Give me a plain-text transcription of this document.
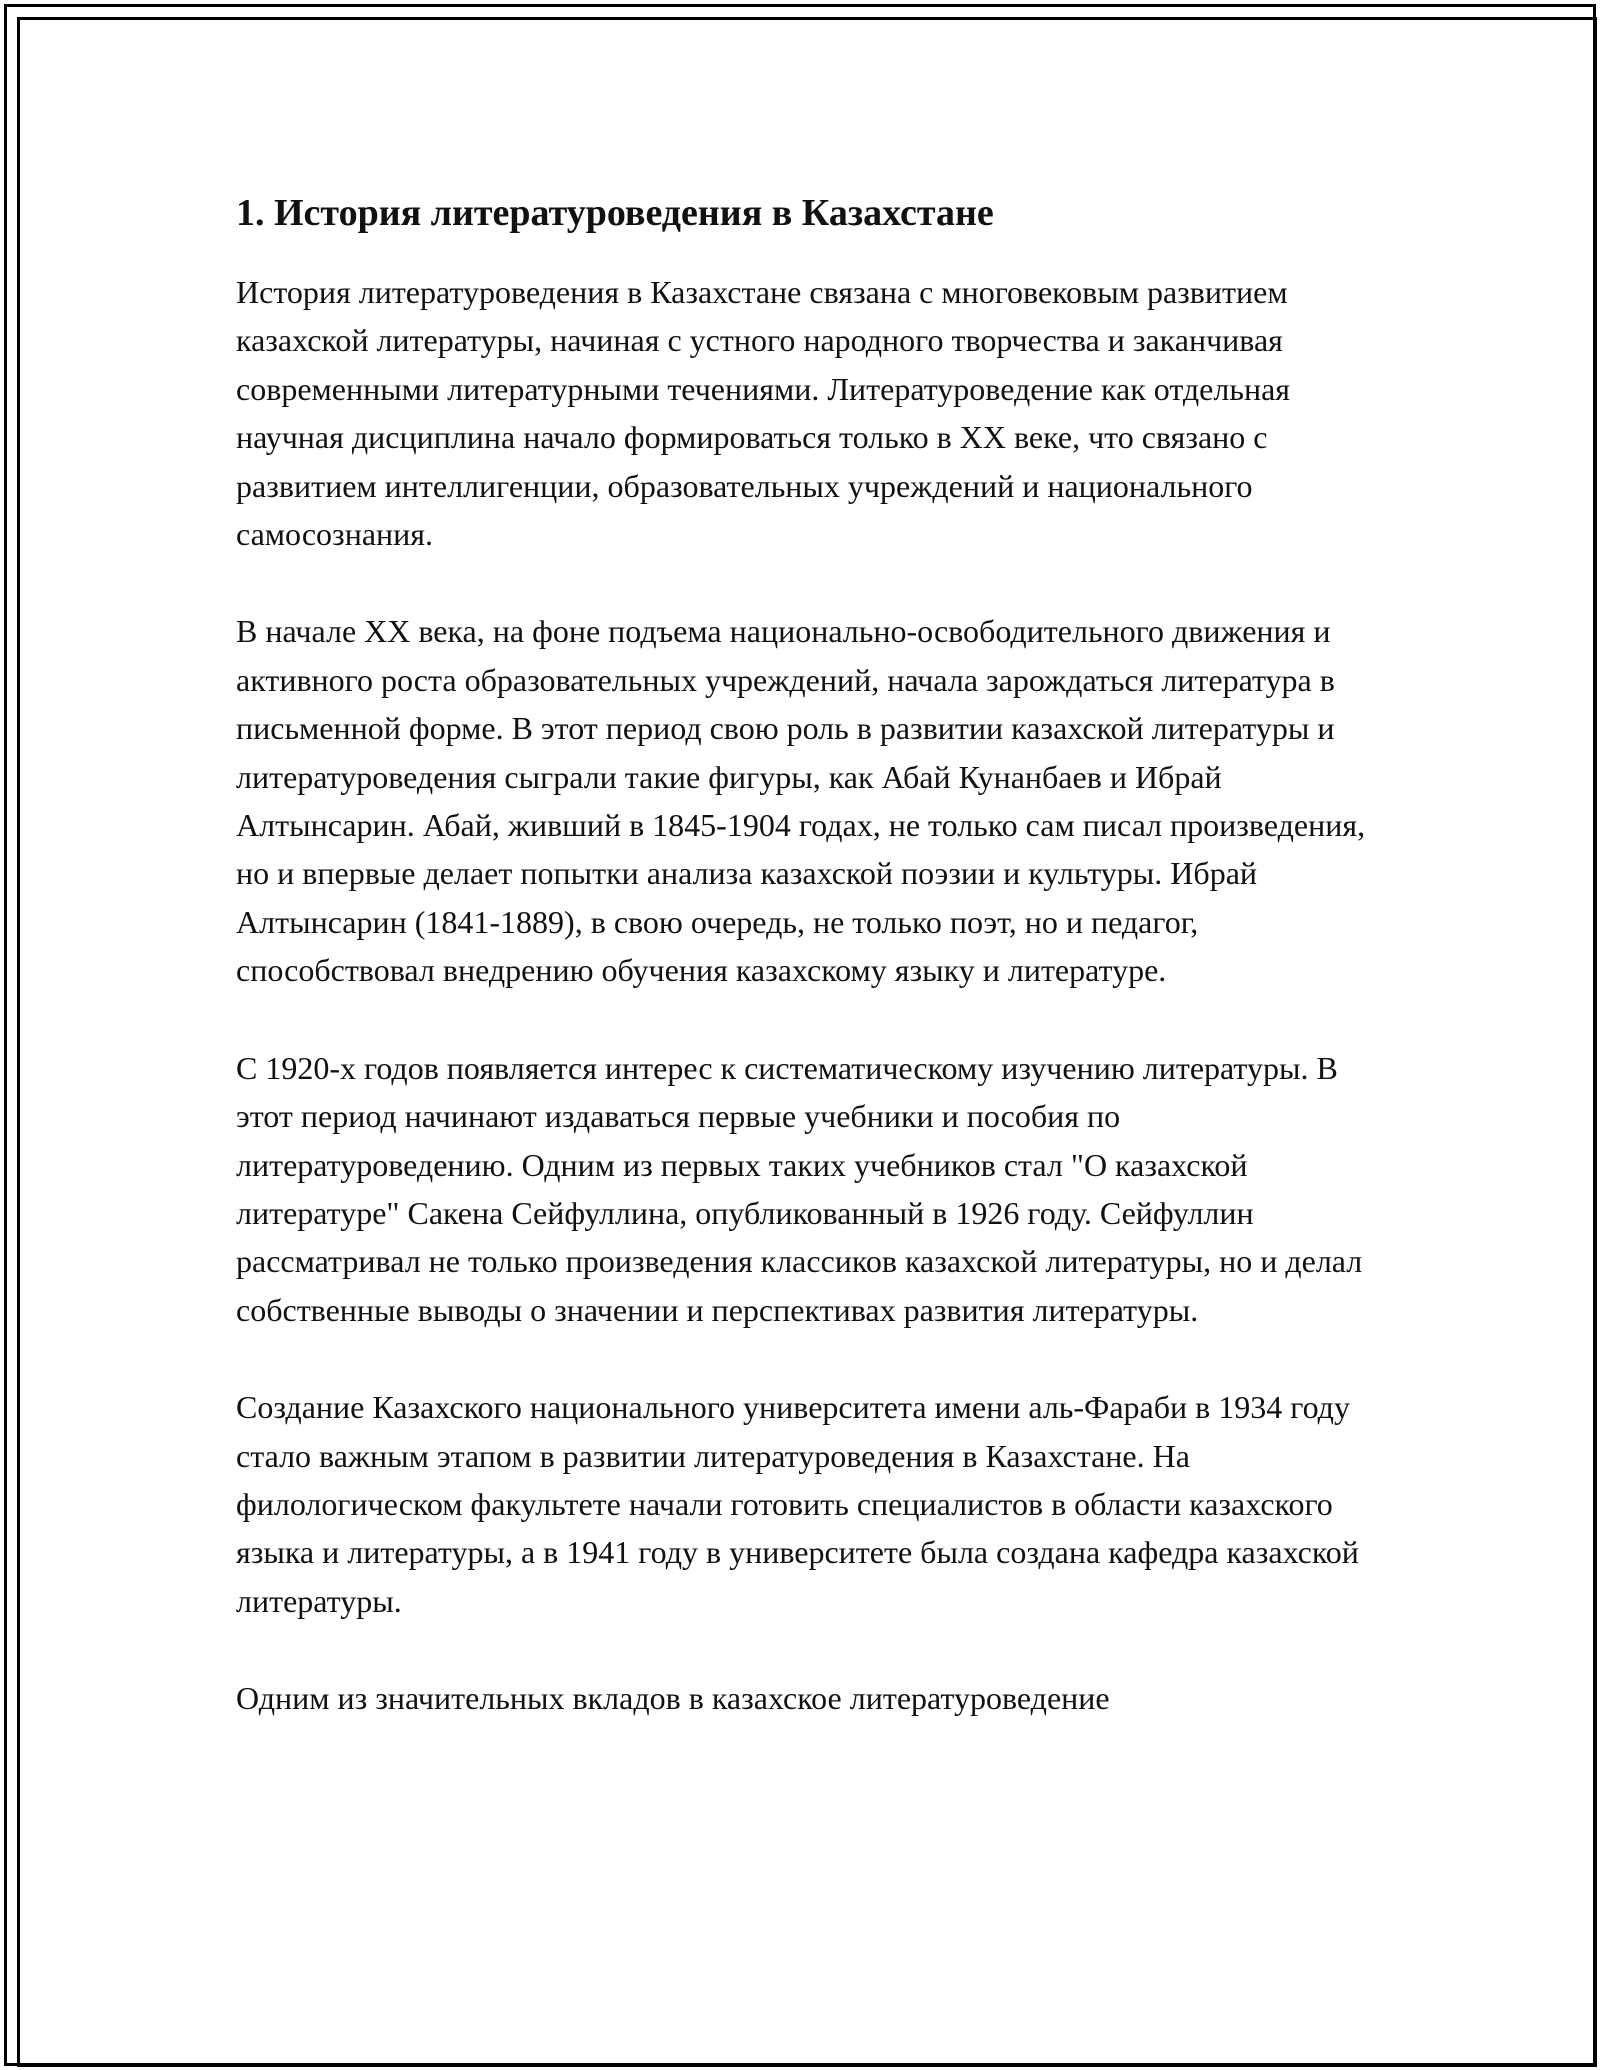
1. История литературоведения в Казахстане

История литературоведения в Казахстане связана с многовековым развитием казахской литературы, начиная с устного народного творчества и заканчивая современными литературными течениями. Литературоведение как отдельная научная дисциплина начало формироваться только в XX веке, что связано с развитием интеллигенции, образовательных учреждений и национального самосознания.

В начале XX века, на фоне подъема национально-освободительного движения и активного роста образовательных учреждений, начала зарождаться литература в письменной форме. В этот период свою роль в развитии казахской литературы и литературоведения сыграли такие фигуры, как Абай Кунанбаев и Ибрай Алтынсарин. Абай, живший в 1845-1904 годах, не только сам писал произведения, но и впервые делает попытки анализа казахской поэзии и культуры. Ибрай Алтынсарин (1841-1889), в свою очередь, не только поэт, но и педагог, способствовал внедрению обучения казахскому языку и литературе.

С 1920-х годов появляется интерес к систематическому изучению литературы. В этот период начинают издаваться первые учебники и пособия по литературоведению. Одним из первых таких учебников стал "О казахской литературе" Сакена Сейфуллина, опубликованный в 1926 году. Сейфуллин рассматривал не только произведения классиков казахской литературы, но и делал собственные выводы о значении и перспективах развития литературы.

Создание Казахского национального университета имени аль-Фараби в 1934 году стало важным этапом в развитии литературоведения в Казахстане. На филологическом факультете начали готовить специалистов в области казахского языка и литературы, а в 1941 году в университете была создана кафедра казахской литературы.

Одним из значительных вкладов в казахское литературоведение
